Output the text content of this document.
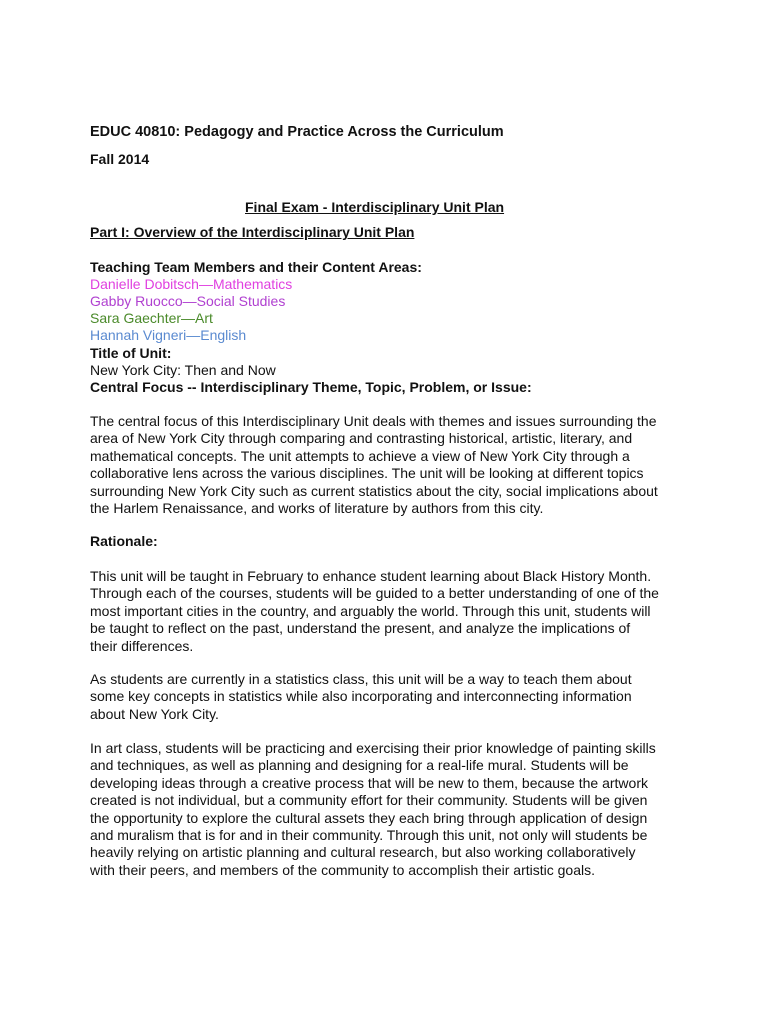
EDUC 40810: Pedagogy and Practice Across the Curriculum
Fall 2014
Final Exam - Interdisciplinary Unit Plan
Part I: Overview of the Interdisciplinary Unit Plan
Teaching Team Members and their Content Areas:
Danielle Dobitsch—Mathematics
Gabby Ruocco—Social Studies
Sara Gaechter—Art
Hannah Vigneri—English
Title of Unit:
New York City: Then and Now
Central Focus -- Interdisciplinary Theme, Topic, Problem, or Issue:
The central focus of this Interdisciplinary Unit deals with themes and issues surrounding the
area of New York City through comparing and contrasting historical, artistic, literary, and
mathematical concepts. The unit attempts to achieve a view of New York City through a
collaborative lens across the various disciplines. The unit will be looking at different topics
surrounding New York City such as current statistics about the city, social implications about
the Harlem Renaissance, and works of literature by authors from this city.
Rationale:
This unit will be taught in February to enhance student learning about Black History Month.
Through each of the courses, students will be guided to a better understanding of one of the
most important cities in the country, and arguably the world. Through this unit, students will
be taught to reflect on the past, understand the present, and analyze the implications of
their differences.
As students are currently in a statistics class, this unit will be a way to teach them about
some key concepts in statistics while also incorporating and interconnecting information
about New York City.
In art class, students will be practicing and exercising their prior knowledge of painting skills
and techniques, as well as planning and designing for a real-life mural. Students will be
developing ideas through a creative process that will be new to them, because the artwork
created is not individual, but a community effort for their community. Students will be given
the opportunity to explore the cultural assets they each bring through application of design
and muralism that is for and in their community. Through this unit, not only will students be
heavily relying on artistic planning and cultural research, but also working collaboratively
with their peers, and members of the community to accomplish their artistic goals.
